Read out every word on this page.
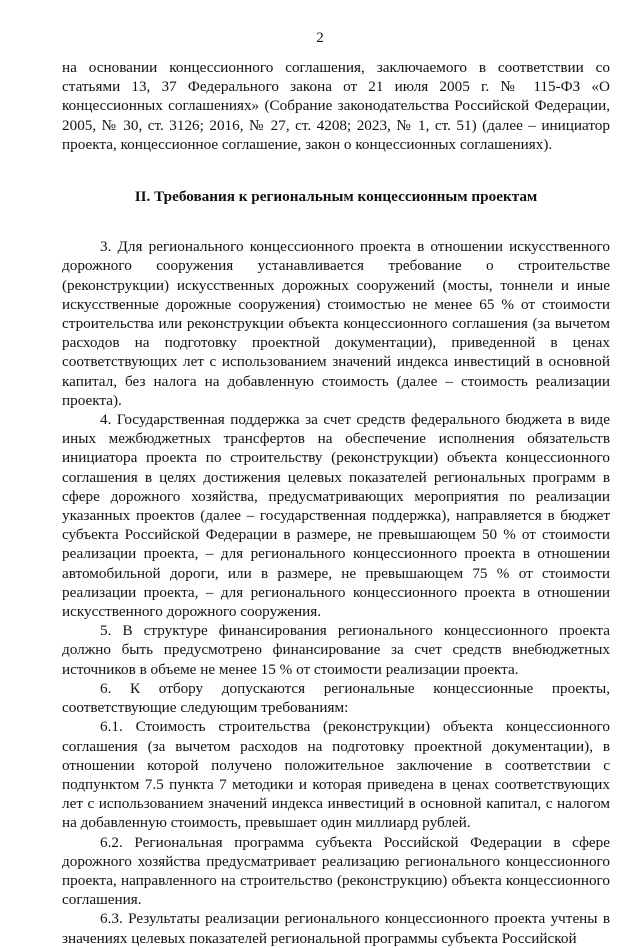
2

на основании концессионного соглашения, заключаемого в соответствии со статьями 13, 37 Федерального закона от 21 июля 2005 г. № 115-ФЗ «О концессионных соглашениях» (Собрание законодательства Российской Федерации, 2005, № 30, ст. 3126; 2016, № 27, ст. 4208; 2023, № 1, ст. 51) (далее – инициатор проекта, концессионное соглашение, закон о концессионных соглашениях).

II. Требования к региональным концессионным проектам

3. Для регионального концессионного проекта в отношении искусственного дорожного сооружения устанавливается требование о строительстве (реконструкции) искусственных дорожных сооружений (мосты, тоннели и иные искусственные дорожные сооружения) стоимостью не менее 65 % от стоимости строительства или реконструкции объекта концессионного соглашения (за вычетом расходов на подготовку проектной документации), приведенной в ценах соответствующих лет с использованием значений индекса инвестиций в основной капитал, без налога на добавленную стоимость (далее – стоимость реализации проекта).

4. Государственная поддержка за счет средств федерального бюджета в виде иных межбюджетных трансфертов на обеспечение исполнения обязательств инициатора проекта по строительству (реконструкции) объекта концессионного соглашения в целях достижения целевых показателей региональных программ в сфере дорожного хозяйства, предусматривающих мероприятия по реализации указанных проектов (далее – государственная поддержка), направляется в бюджет субъекта Российской Федерации в размере, не превышающем 50 % от стоимости реализации проекта, – для регионального концессионного проекта в отношении автомобильной дороги, или в размере, не превышающем 75 % от стоимости реализации проекта, – для регионального концессионного проекта в отношении искусственного дорожного сооружения.

5. В структуре финансирования регионального концессионного проекта должно быть предусмотрено финансирование за счет средств внебюджетных источников в объеме не менее 15 % от стоимости реализации проекта.

6. К отбору допускаются региональные концессионные проекты, соответствующие следующим требованиям:

6.1. Стоимость строительства (реконструкции) объекта концессионного соглашения (за вычетом расходов на подготовку проектной документации), в отношении которой получено положительное заключение в соответствии с подпунктом 7.5 пункта 7 методики и которая приведена в ценах соответствующих лет с использованием значений индекса инвестиций в основной капитал, с налогом на добавленную стоимость, превышает один миллиард рублей.

6.2. Региональная программа субъекта Российской Федерации в сфере дорожного хозяйства предусматривает реализацию регионального концессионного проекта, направленного на строительство (реконструкцию) объекта концессионного соглашения.

6.3. Результаты реализации регионального концессионного проекта учтены в значениях целевых показателей региональной программы субъекта Российской
